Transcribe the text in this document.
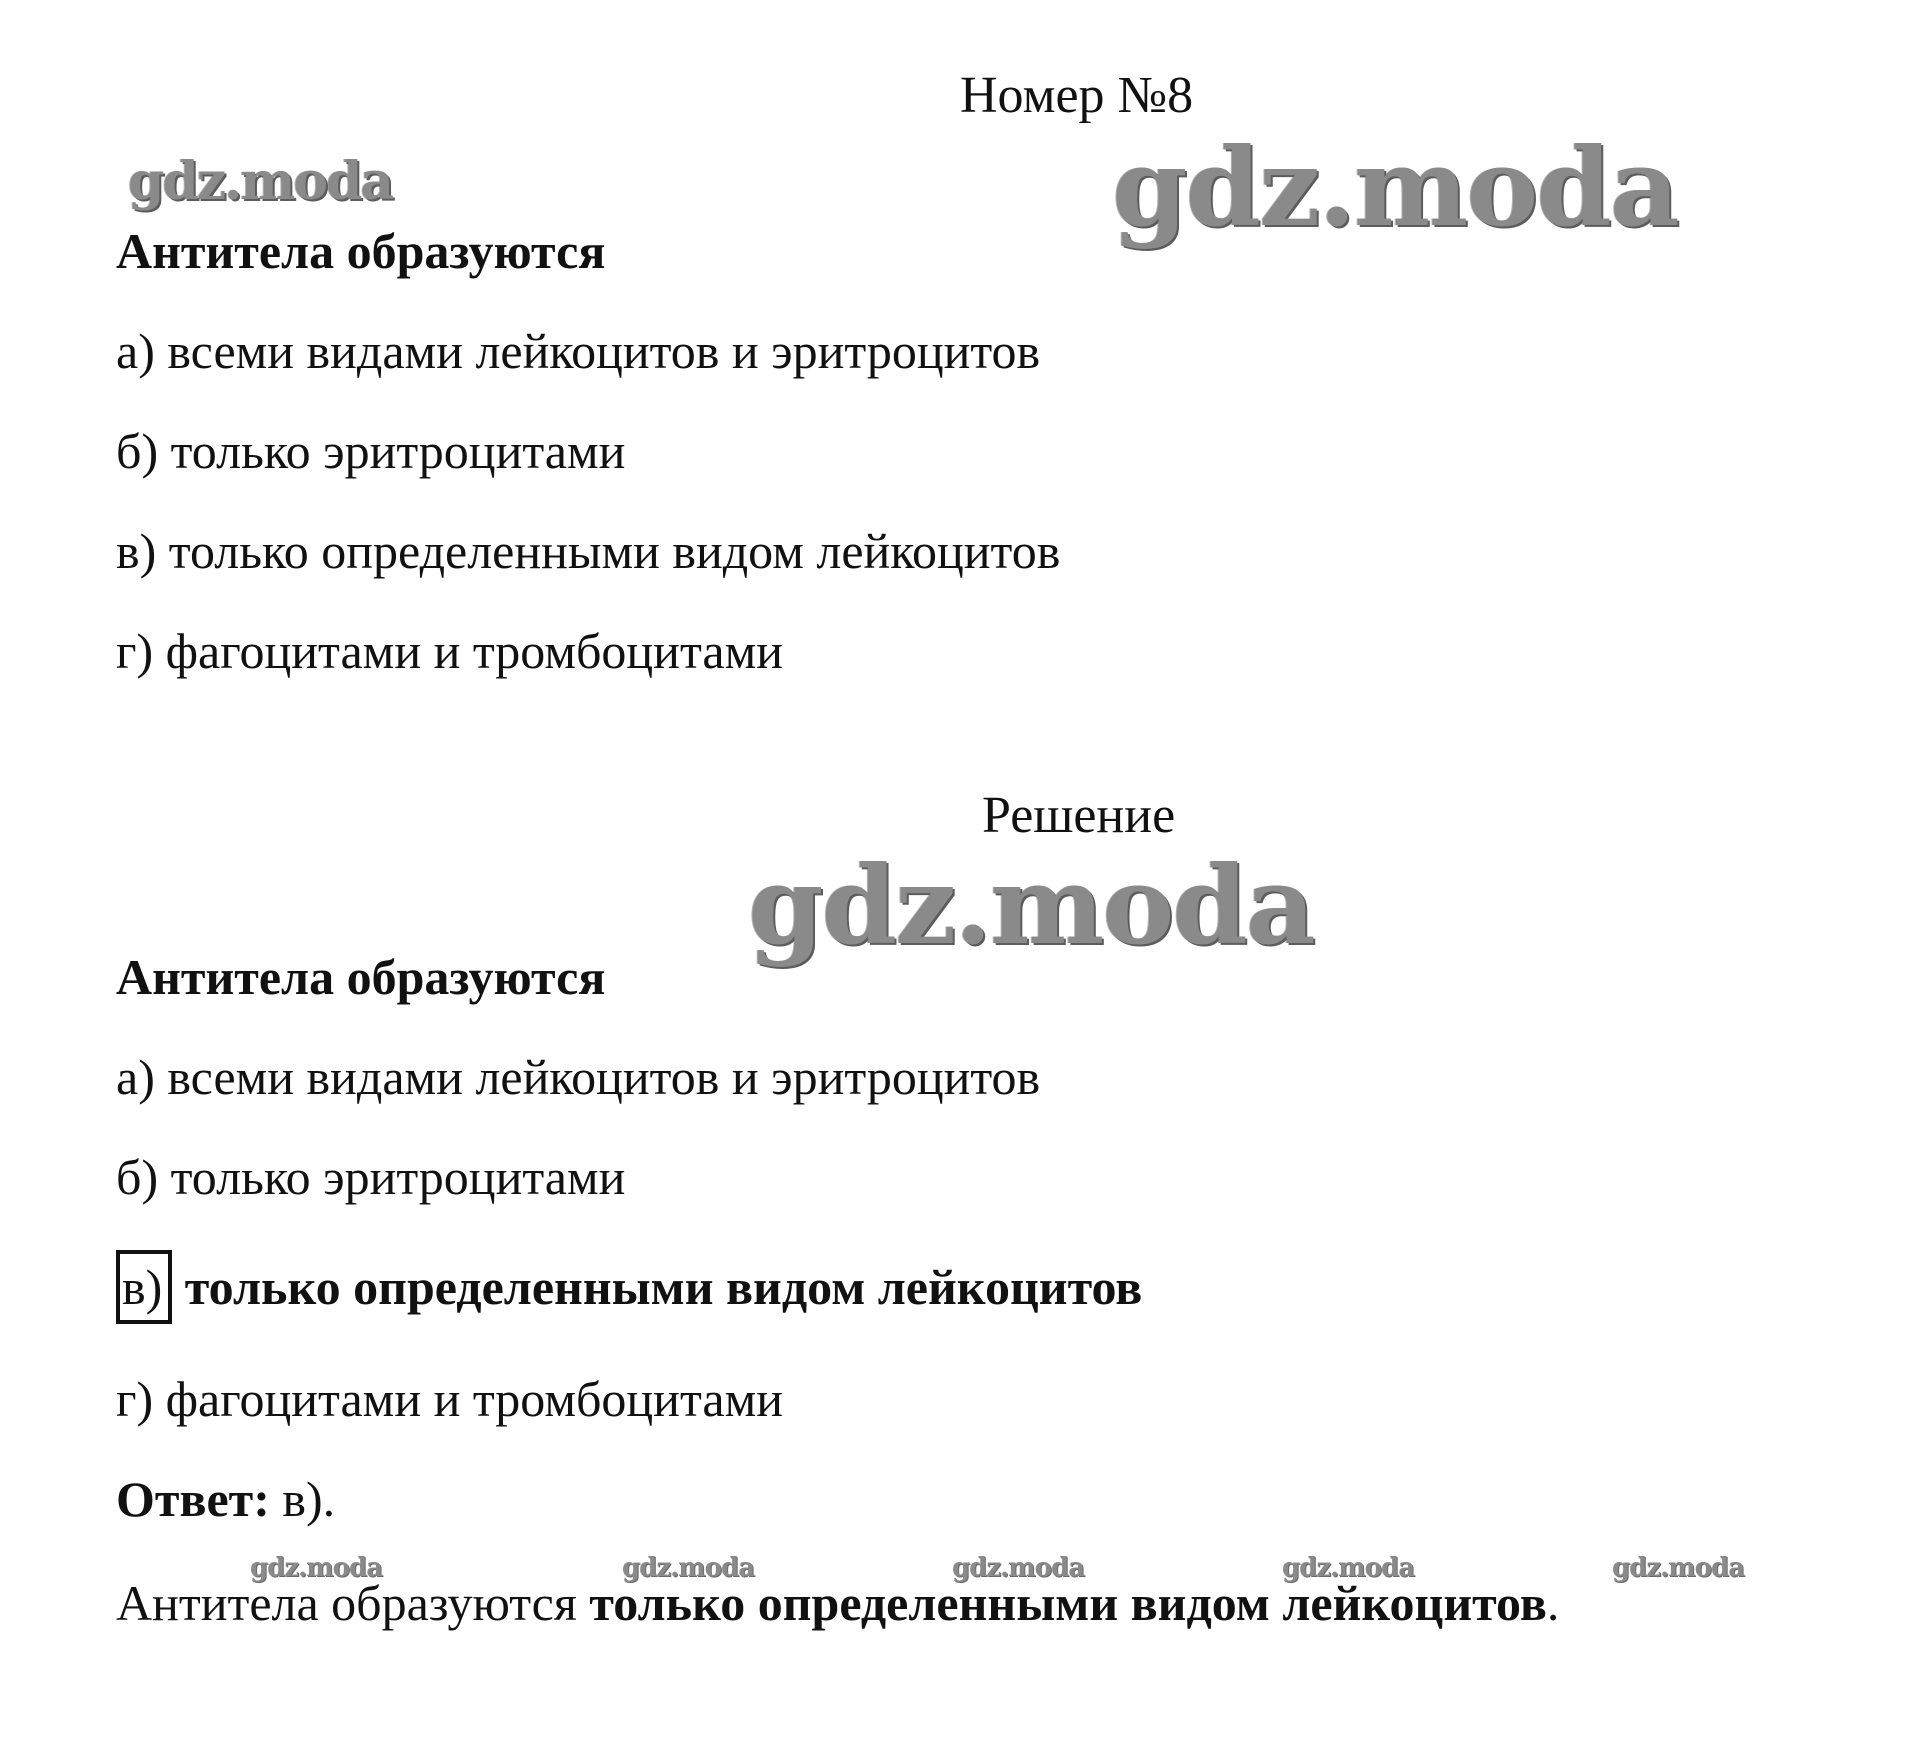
Номер №8
gdz.moda	gdz.moda
Антитела образуются
а) всеми видами лейкоцитов и эритроцитов
б) только эритроцитами
в) только определенными видом лейкоцитов
г) фагоцитами и тромбоцитами
Решение
gdz.moda
Антитела образуются
а) всеми видами лейкоцитов и эритроцитов
б) только эритроцитами
в) только определенными видом лейкоцитов
г) фагоцитами и тромбоцитами
Ответ: в).
gdz.moda	gdz.moda	gdz.moda	gdz.moda	gdz.moda
Антитела образуются только определенными видом лейкоцитов.
